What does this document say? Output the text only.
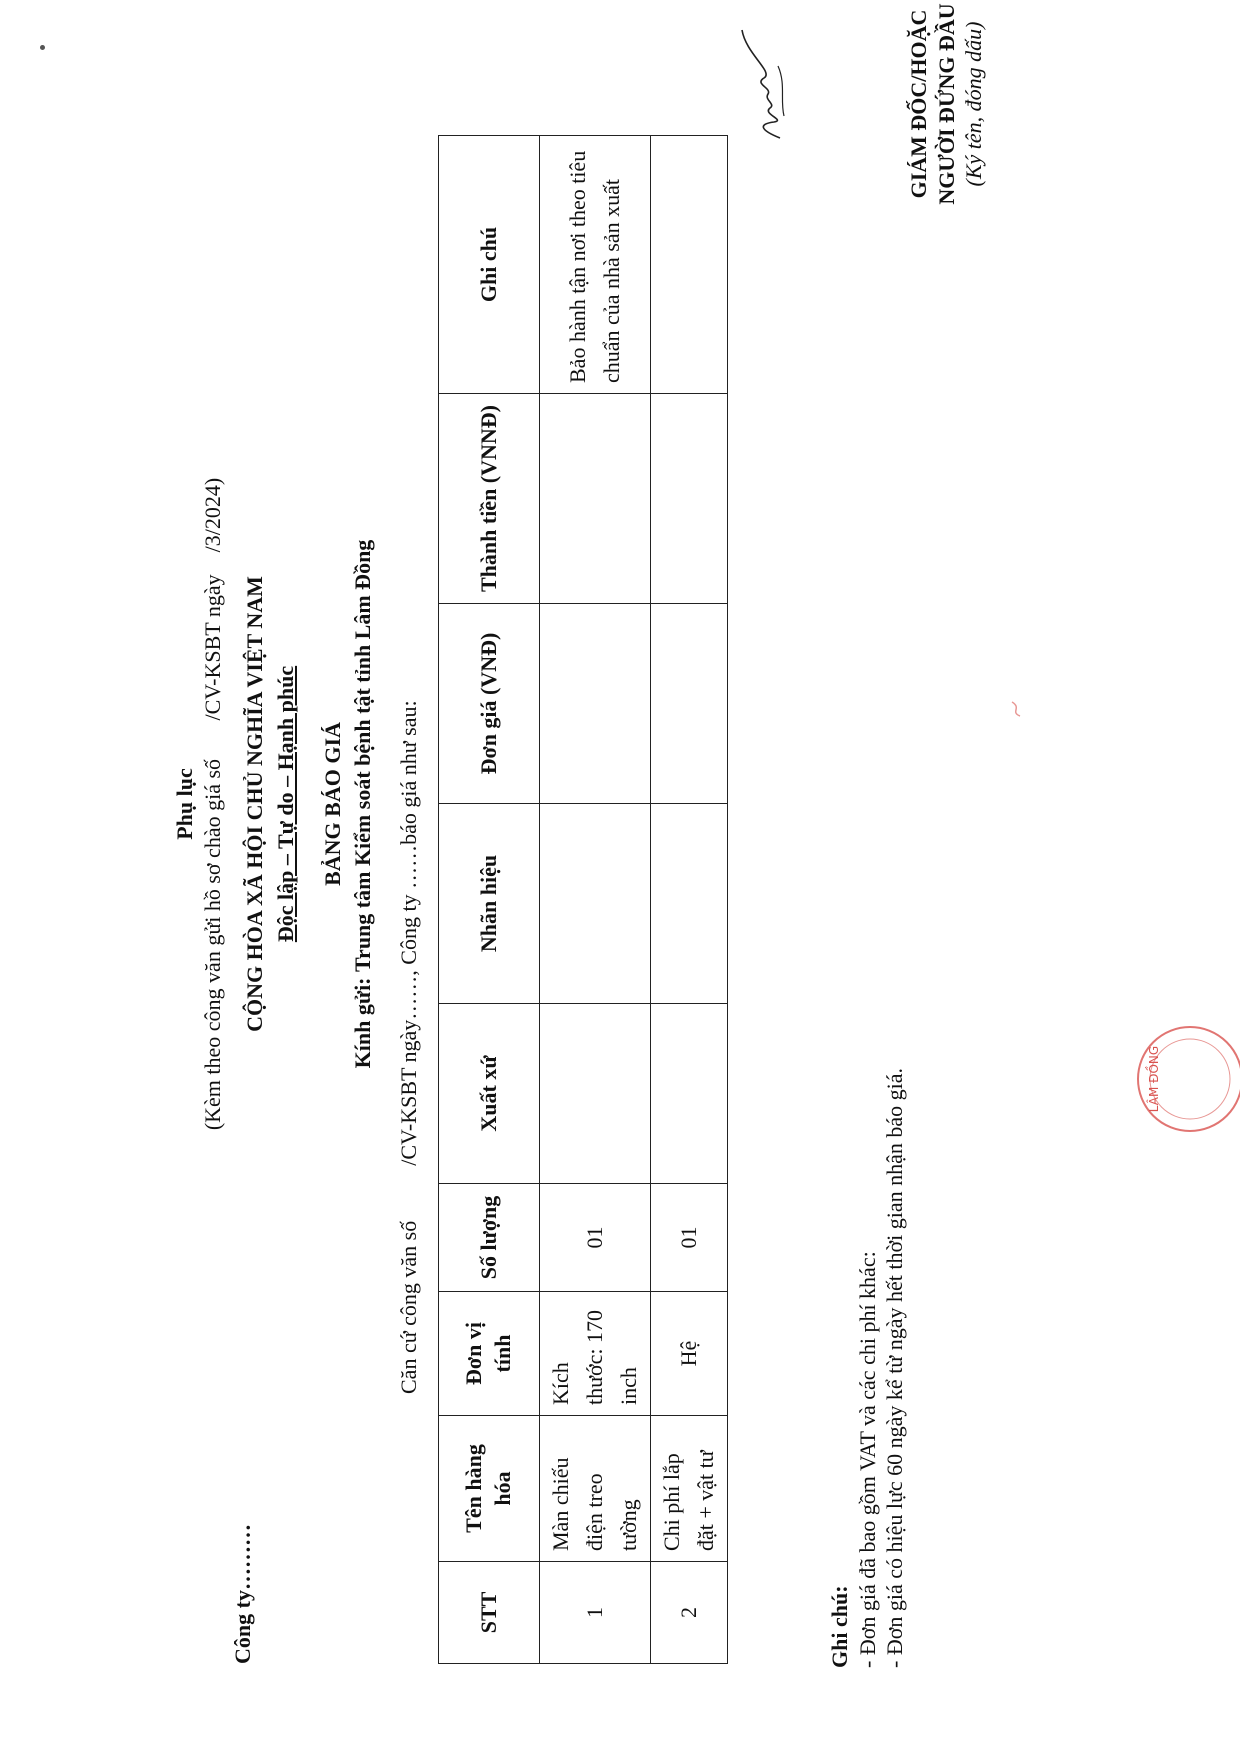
Công ty………
Phụ lục (Kèm theo công văn gửi hồ sơ chào giá số       /CV-KSBT ngày    /3/2024) CỘNG HÒA XÃ HỘI CHỦ NGHĨA VIỆT NAM Độc lập – Tự do – Hạnh phúc BẢNG BÁO GIÁ
Kính gửi: Trung tâm Kiểm soát bệnh tật tỉnh Lâm Đồng Căn cứ công văn số          /CV-KSBT ngày……, Công ty ……báo giá như sau:
STT	Tên hàng hóa	Đơn vị tính	Số lượng	Xuất xứ	Nhãn hiệu	Đơn giá (VNĐ)	Thành tiền (VNNĐ)	Ghi chú
1	Màn chiếu điện treo tường	Kích thước: 170 inch	01					Bảo hành tận nơi theo tiêu chuẩn của nhà sản xuất
2	Chi phí lắp đặt + vật tư	Hệ	01					
Ghi chú: - Đơn giá đã bao gồm VAT và các chi phí khác: - Đơn giá có hiệu lực 60 ngày kể từ ngày hết thời gian nhận báo giá.
GIÁM ĐỐC/HOẶC NGƯỜI ĐỨNG ĐẦU (Ký tên, đóng dấu)
LÂM ĐỒNG
